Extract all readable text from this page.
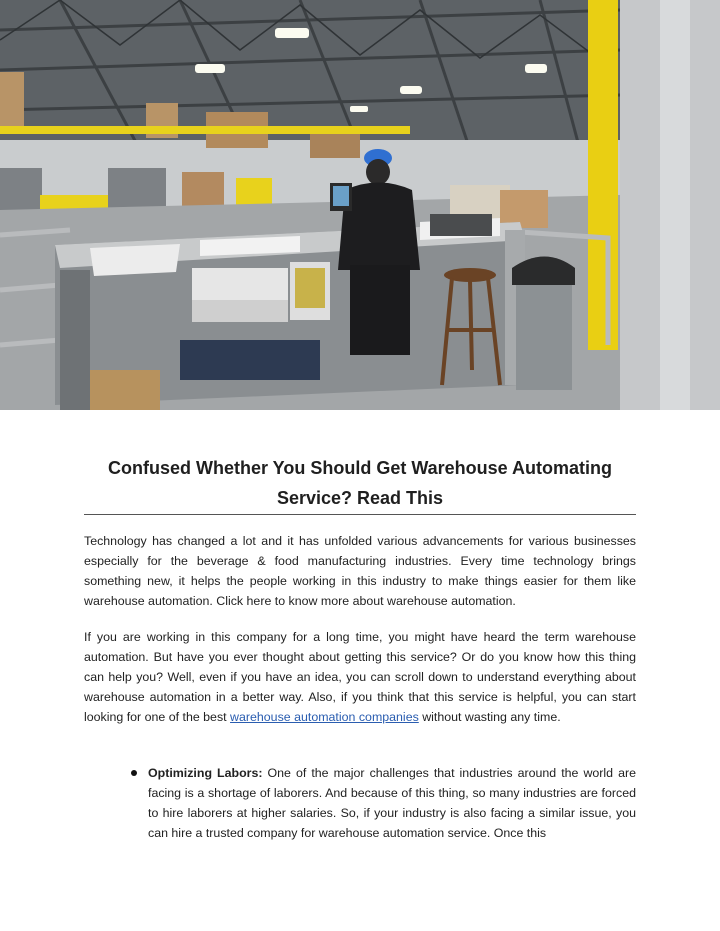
Confused Whether You Should Get Warehouse Automating Service? Read This

Technology has changed a lot and it has unfolded various advancements for various businesses especially for the beverage & food manufacturing industries. Every time technology brings something new, it helps the people working in this industry to make things easier for them like warehouse automation. Click here to know more about warehouse automation.

If you are working in this company for a long time, you might have heard the term warehouse automation. But have you ever thought about getting this service? Or do you know how this thing can help you? Well, even if you have an idea, you can scroll down to understand everything about warehouse automation in a better way. Also, if you think that this service is helpful, you can start looking for one of the best warehouse automation companies without wasting any time.

Optimizing Labors: One of the major challenges that industries around the world are facing is a shortage of laborers. And because of this thing, so many industries are forced to hire laborers at higher salaries. So, if your industry is also facing a similar issue, you can hire a trusted company for warehouse automation service. Once this
